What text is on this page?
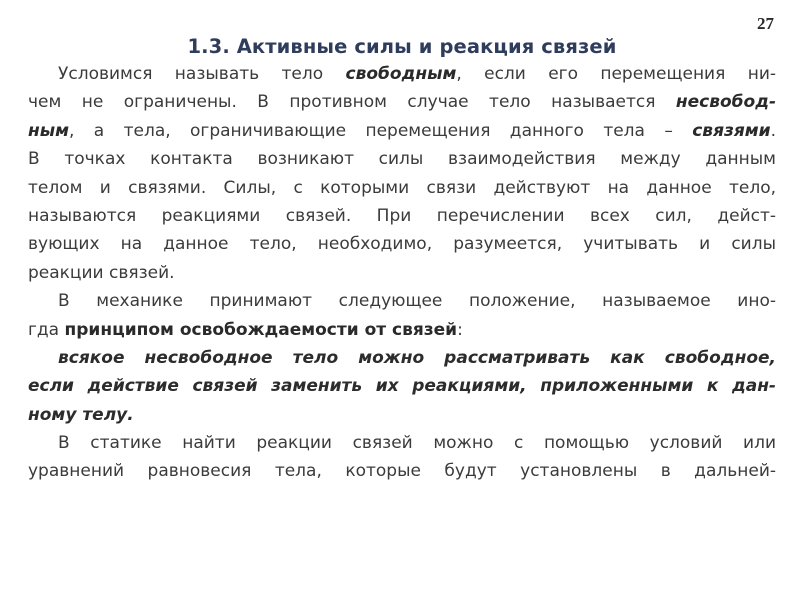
27
1.3. Активные силы и реакция связей
Условимся называть тело свободным, если его перемещения ни-
чем не ограничены. В противном случае тело называется несвобод-
ным, а тела, ограничивающие перемещения данного тела – связями.
В точках контакта возникают силы взаимодействия между данным
телом и связями. Силы, с которыми связи действуют на данное тело,
называются реакциями связей. При перечислении всех сил, дейст-
вующих на данное тело, необходимо, разумеется, учитывать и силы
реакции связей.
В механике принимают следующее положение, называемое ино-
гда принципом освобождаемости от связей:
всякое несвободное тело можно рассматривать как свободное,
если действие связей заменить их реакциями, приложенными к дан-
ному телу.
В статике найти реакции связей можно с помощью условий или
уравнений равновесия тела, которые будут установлены в дальней-
